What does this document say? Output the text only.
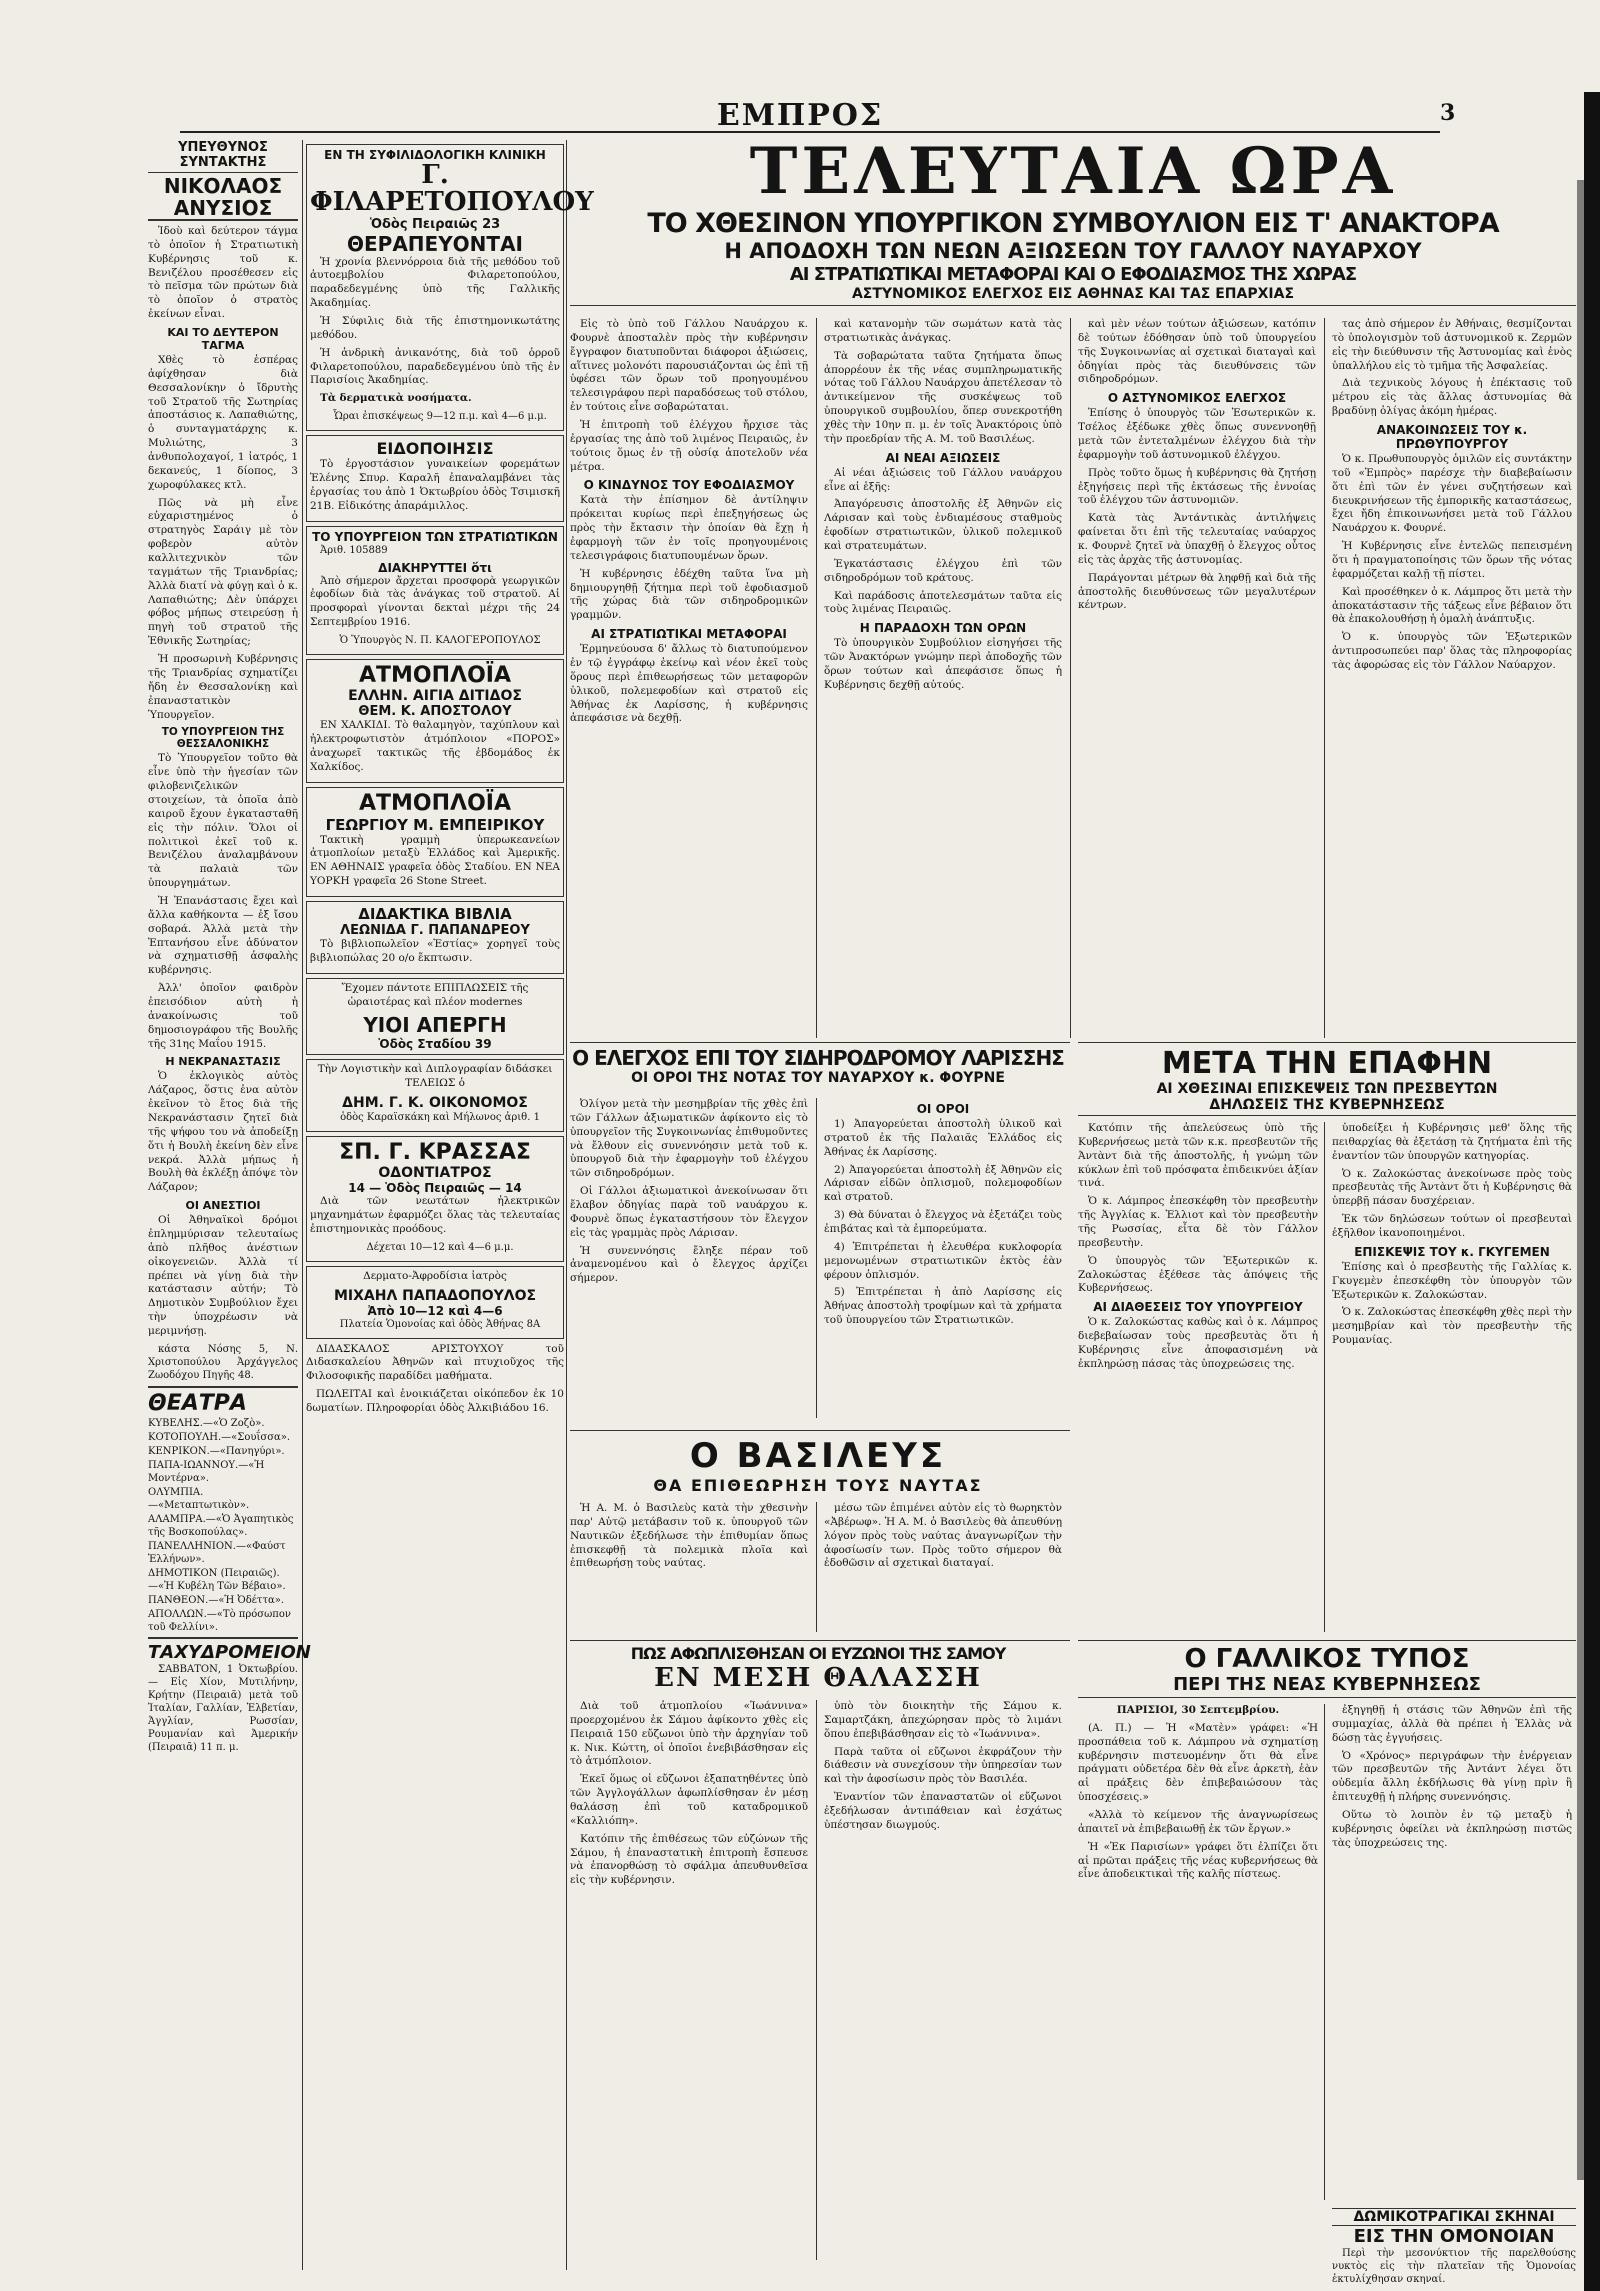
ΕΜΠΡΟΣ	3
ΥΠΕΥΘΥΝΟΣ ΣΥΝΤΑΚΤΗΣ
ΝΙΚΟΛΑΟΣ ΑΝΥΣΙΟΣ

Ἰδοὺ καὶ δεύτερον τάγμα τὸ ὁποῖον ἡ Στρατιωτικὴ Κυβέρνησις τοῦ κ. Βενιζέλου προσέθεσεν εἰς τὸ πεῖσμα τῶν πρώτων διὰ τὸ ὁποῖον ὁ στρατὸς ἐκείνων εἶναι.

ΚΑΙ ΤΟ ΔΕΥΤΕΡΟΝ ΤΑΓΜΑ

Χθὲς τὸ ἑσπέρας ἀφίχθησαν διὰ Θεσσαλονίκην ὁ ἴδρυτὴς τοῦ Στρατοῦ τῆς Σωτηρίας ἀποστάσιος κ. Λαπαθιώτης, ὁ συνταγματάρχης κ. Μυλιώτης, 3 ἀνθυπολοχαγοί, 1 ἰατρός, 1 δεκανεύς, 1 δίοπος, 3 χωροφύλακες κτλ.

Πῶς νὰ μὴ εἶνε εὐχαριστημένος ὁ στρατηγὸς Σαράιγ μὲ τὸν φοβερὸν αὐτὸν καλλιτεχνικὸν τῶν ταγμάτων τῆς Τριανδρίας; Ἀλλὰ διατί νὰ φύγῃ καὶ ὁ κ. Λαπαθιώτης; Δὲν ὑπάρχει φόβος μήπως στειρεύσῃ ἡ πηγὴ τοῦ στρατοῦ τῆς Ἐθνικῆς Σωτηρίας;

Ἡ προσωρινὴ Κυβέρνησις τῆς Τριανδρίας σχηματίζει ἤδη ἐν Θεσσαλονίκῃ καὶ ἐπαναστατικὸν Ὑπουργεῖον.

ΤΟ ΥΠΟΥΡΓΕΙΟΝ ΤΗΣ ΘΕΣΣΑΛΟΝΙΚΗΣ

Τὸ Ὑπουργεῖον τοῦτο θὰ εἶνε ὑπὸ τὴν ἡγεσίαν τῶν φιλοβενιζελικῶν στοιχείων, τὰ ὁποῖα ἀπὸ καιροῦ ἔχουν ἐγκατασταθῆ εἰς τὴν πόλιν. Ὅλοι οἱ πολιτικοὶ ἐκεῖ τοῦ κ. Βενιζέλου ἀναλαμβάνουν τὰ παλαιὰ τῶν ὑπουργημάτων.

Ἡ Ἐπανάστασις ἔχει καὶ ἄλλα καθήκοντα — ἐξ ἴσου σοβαρά. Ἀλλὰ μετὰ τὴν Ἑπτανήσου εἶνε ἀδύνατον νὰ σχηματισθῇ ἀσφαλὴς κυβέρνησις.

Ἀλλ' ὁποῖον φαιδρὸν ἐπεισόδιον αὐτὴ ἡ ἀνακοίνωσις τοῦ δημοσιογράφου τῆς Βουλῆς τῆς 31ης Μαΐου 1915.

Η ΝΕΚΡΑΝΑΣΤΑΣΙΣ

Ὁ ἐκλογικὸς αὐτὸς Λάζαρος, ὅστις ἐνα αὐτὸν ἐκεῖνον τὸ ἔτος διὰ τῆς Νεκρανάστασιν ζητεῖ διὰ τῆς ψήφου του νὰ ἀποδείξῃ ὅτι ἡ Βουλὴ ἐκείνη δὲν εἶνε νεκρά. Ἀλλὰ μήπως ἡ Βουλὴ θὰ ἐκλέξῃ ἀπόψε τὸν Λάζαρον;

ΟΙ ΑΝΕΣΤΙΟΙ

Οἱ Ἀθηναϊκοὶ δρόμοι ἐπλημμύρισαν τελευταίως ἀπὸ πλῆθος ἀνέστιων οἰκογενειῶν. Ἀλλὰ τί πρέπει νὰ γίνῃ διὰ τὴν κατάστασιν αὐτήν; Τὸ Δημοτικὸν Συμβούλιον ἔχει τὴν ὑποχρέωσιν νὰ μεριμνήσῃ.

κάστα Νόσης 5, Ν. Χριστοπούλου Ἀρχάγγελος Ζωοδόχου Πηγῆς 48.

ΘΕΑΤΡΑ
ΚΥΒΕΛΗΣ.—«Ὁ Ζοζὸ».
ΚΟΤΟΠΟΥΛΗ.—«Σουΐσσα».
ΚΕΝΡΙΚΟΝ.—«Πανηγύρι».
ΠΑΠΑ-ΙΩΑΝΝΟΥ.—«Ἡ Μοντέρνα».
ΟΛΥΜΠΙΑ.—«Μεταπτωτικὸν».
ΑΛΑΜΠΡΑ.—«Ὁ Ἀγαπητικὸς τῆς Βοσκοπούλας».
ΠΑΝΕΛΛΗΝΙΟΝ.—«Φαύστ Ἑλλήνων».
ΔΗΜΟΤΙΚΟΝ (Πειραιῶς).—«Ἡ Κυβέλη Τῶν Βέβαιο».
ΠΑΝΘΕΟΝ.—«Ἡ Ὀδέττα».
ΑΠΟΛΛΩΝ.—«Τὸ πρόσωπον τοῦ Φελλίνι».
ΤΑΧΥΔΡΟΜΕΙΟΝ

ΣΑΒΒΑΤΟΝ, 1 Ὀκτωβρίου.— Εἰς Χίον, Μυτιλήνην, Κρήτην (Πειραιᾶ) μετὰ τοῦ Ἰταλίαν, Γαλλίαν, Ἑλβετίαν, Ἀγγλίαν, Ρωσσίαν, Ρουμανίαν καὶ Ἀμερικήν (Πειραιᾶ) 11 π. μ.

ΕΝ ΤΗ ΣΥΦΙΛΙΔΟΛΟΓΙΚΗ ΚΛΙΝΙΚΗ
Γ. ΦΙΛΑΡΕΤΟΠΟΥΛΟΥ
Ὁδὸς Πειραιῶς 23
ΘΕΡΑΠΕΥΟΝΤΑΙ

Ἡ χρονία βλεννόρροια διὰ τῆς μεθόδου τοῦ ἀυτοεμβολίου Φιλαρετοπούλου, παραδεδεγμένης ὑπὸ τῆς Γαλλικῆς Ἀκαδημίας.

Ἡ Σύφιλις διὰ τῆς ἐπιστημονικωτάτης μεθόδου.

Ἡ ἀνδρικὴ ἀνικανότης, διὰ τοῦ ὀρροῦ Φιλαρετοπούλου, παραδεδεγμένου ὑπὸ τῆς ἐν Παρισίοις Ἀκαδημίας.

Τὰ δερματικὰ νοσήματα.

Ὧραι ἐπισκέψεως 9—12 π.μ. καὶ 4—6 μ.μ.

ΕΙΔΟΠΟΙΗΣΙΣ

Τὸ ἐργοστάσιον γυναικείων φορεμάτων Ἑλένης Σπυρ. Καραλῆ ἐπαναλαμβάνει τὰς ἐργασίας του ἀπὸ 1 Ὀκτωβρίου ὁδὸς Τσιμισκῆ 21Β. Εἰδικότης ἀπαράμιλλος.

ΤΟ ΥΠΟΥΡΓΕΙΟΝ ΤΩΝ ΣΤΡΑΤΙΩΤΙΚΩΝ

Ἀριθ. 105889

ΔΙΑΚΗΡΥΤΤΕΙ ὅτι

Ἀπὸ σήμερον ἄρχεται προσφορὰ γεωργικῶν ἐφοδίων διὰ τὰς ἀνάγκας τοῦ στρατοῦ. Αἱ προσφοραὶ γίνονται δεκταὶ μέχρι τῆς 24 Σεπτεμβρίου 1916.

Ὁ Ὑπουργὸς Ν. Π. ΚΑΛΟΓΕΡΟΠΟΥΛΟΣ

ΑΤΜΟΠΛΟΪΑ
ΕΛΛΗΝ. ΑΙΓΙΑ ΔΙΤΙΔΟΣ
ΘΕΜ. Κ. ΑΠΟΣΤΟΛΟΥ

ΕΝ ΧΑΛΚΙΔΙ. Τὸ θαλαμηγὸν, ταχύπλουν καὶ ἠλεκτροφωτιστὸν ἀτμόπλοιον «ΠΟΡΟΣ» ἀναχωρεῖ τακτικῶς τῆς ἑβδομάδος ἐκ Χαλκίδος.

ΑΤΜΟΠΛΟΪΑ
ΓΕΩΡΓΙΟΥ Μ. ΕΜΠΕΙΡΙΚΟΥ

Τακτικὴ γραμμὴ ὑπερωκεανείων ἀτμοπλοίων μεταξὺ Ἑλλάδος καὶ Ἀμερικῆς. ΕΝ ΑΘΗΝΑΙΣ γραφεῖα ὁδὸς Σταδίου. ΕΝ ΝΕΑ ΥΟΡΚΗ γραφεῖα 26 Stone Street.

ΔΙΔΑΚΤΙΚΑ ΒΙΒΛΙΑ
ΛΕΩΝΙΔΑ Γ. ΠΑΠΑΝΔΡΕΟΥ

Τὸ βιβλιοπωλεῖον «Ἑστίας» χορηγεῖ τοὺς βιβλιοπώλας 20 ο/ο ἔκπτωσιν.

Ἔχομεν πάντοτε ΕΠΙΠΛΩΣΕΙΣ τῆς ὡραιοτέρας καὶ πλέον modernes

ΥΙΟΙ ΑΠΕΡΓΗ
Ὁδὸς Σταδίου 39

Τὴν Λογιστικὴν καὶ Διπλογραφίαν διδάσκει ΤΕΛΕΙΩΣ ὁ

ΔΗΜ. Γ. Κ. ΟΙΚΟΝΟΜΟΣ

ὁδὸς Καραϊσκάκη καὶ Μήλωνος ἀριθ. 1

ΣΠ. Γ. ΚΡΑΣΣΑΣ
ΟΔΟΝΤΙΑΤΡΟΣ
14 — Ὁδὸς Πειραιῶς — 14

Διὰ τῶν νεωτάτων ἠλεκτρικῶν μηχανημάτων ἐφαρμόζει ὅλας τὰς τελευταίας ἐπιστημονικὰς προόδους.

Δέχεται 10—12 καὶ 4—6 μ.μ.

Δερματο-Ἀφροδίσια ἰατρὸς

ΜΙΧΑΗΛ ΠΑΠΑΔΟΠΟΥΛΟΣ
Ἀπὸ 10—12 καὶ 4—6

Πλατεία Ὁμονοίας καὶ ὁδὸς Ἀθήνας 8Α

ΔΙΔΑΣΚΑΛΟΣ ΑΡΙΣΤΟΥΧΟΥ τοῦ Διδασκαλείου Ἀθηνῶν καὶ πτυχιοῦχος τῆς Φιλοσοφικῆς παραδίδει μαθήματα.

ΠΩΛΕΙΤΑΙ καὶ ἐνοικιάζεται οἰκόπεδον ἐκ 10 δωματίων. Πληροφορίαι ὁδὸς Ἀλκιβιάδου 16.

ΤΕΛΕΥΤΑΙΑ ΩΡΑ
ΤΟ ΧΘΕΣΙΝΟΝ ΥΠΟΥΡΓΙΚΟΝ ΣΥΜΒΟΥΛΙΟΝ ΕΙΣ Τ' ΑΝΑΚΤΟΡΑ
Η ΑΠΟΔΟΧΗ ΤΩΝ ΝΕΩΝ ΑΞΙΩΣΕΩΝ ΤΟΥ ΓΑΛΛΟΥ ΝΑΥΑΡΧΟΥ
ΑΙ ΣΤΡΑΤΙΩΤΙΚΑΙ ΜΕΤΑΦΟΡΑΙ ΚΑΙ Ο ΕΦΟΔΙΑΣΜΟΣ ΤΗΣ ΧΩΡΑΣ
ΑΣΤΥΝΟΜΙΚΟΣ ΕΛΕΓΧΟΣ ΕΙΣ ΑΘΗΝΑΣ ΚΑΙ ΤΑΣ ΕΠΑΡΧΙΑΣ

Εἰς τὸ ὑπὸ τοῦ Γάλλου Ναυάρχου κ. Φουρνὲ ἀποσταλὲν πρὸς τὴν κυβέρνησιν ἔγγραφον διατυποῦνται διάφοροι ἀξιώσεις, αἵτινες μολονότι παρουσιάζονται ὡς ἐπὶ τῇ ὑφέσει τῶν ὅρων τοῦ προηγουμένου τελεσιγράφου περὶ παραδόσεως τοῦ στόλου, ἐν τούτοις εἶνε σοβαρώταται.

Ἡ ἐπιτροπὴ τοῦ ἐλέγχου ἤρχισε τὰς ἐργασίας της ἀπὸ τοῦ λιμένος Πειραιῶς, ἐν τούτοις ὅμως ἐν τῇ οὐσίᾳ ἀποτελοῦν νέα μέτρα.

Ο ΚΙΝΔΥΝΟΣ ΤΟΥ ΕΦΟΔΙΑΣΜΟΥ

Κατὰ τὴν ἐπίσημον δὲ ἀντίληψιν πρόκειται κυρίως περὶ ἐπεξηγήσεως ὡς πρὸς τὴν ἔκτασιν τὴν ὁποίαν θὰ ἔχῃ ἡ ἐφαρμογὴ τῶν ἐν τοῖς προηγουμένοις τελεσιγράφοις διατυπουμένων ὅρων.

Ἡ κυβέρνησις ἐδέχθη ταῦτα ἵνα μὴ δημιουργηθῇ ζήτημα περὶ τοῦ ἐφοδιασμοῦ τῆς χώρας διὰ τῶν σιδηροδρομικῶν γραμμῶν.

ΑΙ ΣΤΡΑΤΙΩΤΙΚΑΙ ΜΕΤΑΦΟΡΑΙ

Ἐρμηνεύουσα δ' ἄλλως τὸ διατυπούμενον ἐν τῷ ἐγγράφῳ ἐκείνῳ καὶ νέον ἐκεῖ τοὺς ὅρους περὶ ἐπιθεωρήσεως τῶν μεταφορῶν ὑλικοῦ, πολεμεφοδίων καὶ στρατοῦ εἰς Ἀθήνας ἐκ Λαρίσσης, ἡ κυβέρνησις ἀπεφάσισε νὰ δεχθῇ.

καὶ κατανομὴν τῶν σωμάτων κατὰ τὰς στρατιωτικὰς ἀνάγκας.

Τὰ σοβαρώτατα ταῦτα ζητήματα ὅπως ἀπορρέουν ἐκ τῆς νέας συμπληρωματικῆς νότας τοῦ Γάλλου Ναυάρχου ἀπετέλεσαν τὸ ἀντικείμενον τῆς συσκέψεως τοῦ ὑπουργικοῦ συμβουλίου, ὅπερ συνεκροτήθη χθὲς τὴν 10ην π. μ. ἐν τοῖς Ἀνακτόροις ὑπὸ τὴν προεδρίαν τῆς Α. Μ. τοῦ Βασιλέως.

ΑΙ ΝΕΑΙ ΑΞΙΩΣΕΙΣ

Αἱ νέαι ἀξιώσεις τοῦ Γάλλου ναυάρχου εἶνε αἱ ἑξῆς:

Ἀπαγόρευσις ἀποστολῆς ἐξ Ἀθηνῶν εἰς Λάρισαν καὶ τοὺς ἐνδιαμέσους σταθμοὺς ἐφοδίων στρατιωτικῶν, ὑλικοῦ πολεμικοῦ καὶ στρατευμάτων.

Ἐγκατάστασις ἐλέγχου ἐπὶ τῶν σιδηροδρόμων τοῦ κράτους.

Καὶ παράδοσις ἀποτελεσμάτων ταῦτα εἰς τοὺς λιμένας Πειραιῶς.

Η ΠΑΡΑΔΟΧΗ ΤΩΝ ΟΡΩΝ

Τὸ ὑπουργικὸν Συμβούλιον εἰσηγήσει τῆς τῶν Ἀνακτόρων γνώμην περὶ ἀποδοχῆς τῶν ὅρων τούτων καὶ ἀπεφάσισε ὅπως ἡ Κυβέρνησις δεχθῇ αὐτούς.

καὶ μὲν νέων τούτων ἀξιώσεων, κατόπιν δὲ τούτων ἐδόθησαν ὑπὸ τοῦ ὑπουργείου τῆς Συγκοινωνίας αἱ σχετικαὶ διαταγαὶ καὶ ὁδηγίαι πρὸς τὰς διευθύνσεις τῶν σιδηροδρόμων.

Ο ΑΣΤΥΝΟΜΙΚΟΣ ΕΛΕΓΧΟΣ

Ἐπίσης ὁ ὑπουργὸς τῶν Ἐσωτερικῶν κ. Τσέλος ἐξέδωκε χθὲς ὅπως συνεννοηθῇ μετὰ τῶν ἐντεταλμένων ἐλέγχου διὰ τὴν ἐφαρμογὴν τοῦ ἀστυνομικοῦ ἐλέγχου.

Πρὸς τοῦτο ὅμως ἡ κυβέρνησις θὰ ζητήσῃ ἐξηγήσεις περὶ τῆς ἐκτάσεως τῆς ἐννοίας τοῦ ἐλέγχου τῶν ἀστυνομιῶν.

Κατὰ τὰς Ἀντάντικὰς ἀντιλήψεις φαίνεται ὅτι ἐπὶ τῆς τελευταίας ναύαρχος κ. Φουρνὲ ζητεῖ νὰ ὑπαχθῇ ὁ ἔλεγχος οὗτος εἰς τὰς ἀρχὰς τῆς ἀστυνομίας.

Παράγονται μέτρων θὰ ληφθῇ καὶ διὰ τῆς ἀποστολῆς διευθύνσεως τῶν μεγαλυτέρων κέντρων.

τας ἀπὸ σήμερον ἐν Ἀθήναις, θεσμίζονται τὸ ὑπολογισμὸν τοῦ ἀστυνομικοῦ κ. Ζερμῶν εἰς τὴν διεύθυνσιν τῆς Ἀστυνομίας καὶ ἐνὸς ὑπαλλήλου εἰς τὸ τμῆμα τῆς Ἀσφαλείας.

Διὰ τεχνικοὺς λόγους ἡ ἐπέκτασις τοῦ μέτρου εἰς τὰς ἄλλας ἀστυνομίας θὰ βραδύνῃ ὀλίγας ἀκόμη ἡμέρας.

ΑΝΑΚΟΙΝΩΣΕΙΣ ΤΟΥ κ. ΠΡΩΘΥΠΟΥΡΓΟΥ

Ὁ κ. Πρωθυπουργὸς ὁμιλῶν εἰς συντάκτην τοῦ «Ἐμπρὸς» παρέσχε τὴν διαβεβαίωσιν ὅτι ἐπὶ τῶν ἐν γένει συζητήσεων καὶ διευκρινήσεων τῆς ἐμπορικῆς καταστάσεως, ἔχει ἤδη ἐπικοινωνήσει μετὰ τοῦ Γάλλου Ναυάρχου κ. Φουρνέ.

Ἡ Κυβέρνησις εἶνε ἐντελῶς πεπεισμένη ὅτι ἡ πραγματοποίησις τῶν ὅρων τῆς νότας ἐφαρμόζεται καλῇ τῇ πίστει.

Καὶ προσέθηκεν ὁ κ. Λάμπρος ὅτι μετὰ τὴν ἀποκατάστασιν τῆς τάξεως εἶνε βέβαιον ὅτι θὰ ἐπακολουθήσῃ ἡ ὁμαλὴ ἀνάπτυξις.

Ὁ κ. ὑπουργὸς τῶν Ἐξωτερικῶν ἀντιπροσωπεύει παρ' ὅλας τὰς πληροφορίας τὰς ἀφορώσας εἰς τὸν Γάλλον Ναύαρχον.

Ο ΕΛΕΓΧΟΣ ΕΠΙ ΤΟΥ ΣΙΔΗΡΟΔΡΟΜΟΥ ΛΑΡΙΣΣΗΣ
ΟΙ ΟΡΟΙ ΤΗΣ ΝΟΤΑΣ ΤΟΥ ΝΑΥΑΡΧΟΥ κ. ΦΟΥΡΝΕ

Ὀλίγον μετὰ τὴν μεσημβρίαν τῆς χθὲς ἐπὶ τῶν Γάλλων ἀξιωματικῶν ἀφίκοντο εἰς τὸ ὑπουργεῖον τῆς Συγκοινωνίας ἐπιθυμοῦντες νὰ ἔλθουν εἰς συνεννόησιν μετὰ τοῦ κ. ὑπουργοῦ διὰ τὴν ἐφαρμογὴν τοῦ ἐλέγχου τῶν σιδηροδρόμων.

Οἱ Γάλλοι ἀξιωματικοὶ ἀνεκοίνωσαν ὅτι ἔλαβον ὁδηγίας παρὰ τοῦ ναυάρχου κ. Φουρνὲ ὅπως ἐγκαταστήσουν τὸν ἔλεγχον εἰς τὰς γραμμὰς πρὸς Λάρισαν.

Ἡ συνεννόησις ἔληξε πέραν τοῦ ἀναμενομένου καὶ ὁ ἔλεγχος ἀρχίζει σήμερον.

ΟΙ ΟΡΟΙ

1) Ἀπαγορεύεται ἀποστολὴ ὑλικοῦ καὶ στρατοῦ ἐκ τῆς Παλαιᾶς Ἑλλάδος εἰς Ἀθήνας ἐκ Λαρίσσης.

2) Ἀπαγορεύεται ἀποστολὴ ἐξ Ἀθηνῶν εἰς Λάρισαν εἰδῶν ὁπλισμοῦ, πολεμοφοδίων καὶ στρατοῦ.

3) Θὰ δύναται ὁ ἔλεγχος νὰ ἐξετάζει τοὺς ἐπιβάτας καὶ τὰ ἐμπορεύματα.

4) Ἐπιτρέπεται ἡ ἐλευθέρα κυκλοφορία μεμονωμένων στρατιωτικῶν ἐκτὸς ἐὰν φέρουν ὁπλισμόν.

5) Ἐπιτρέπεται ἡ ἀπὸ Λαρίσσης εἰς Ἀθήνας ἀποστολὴ τροφίμων καὶ τὰ χρήματα τοῦ ὑπουργείου τῶν Στρατιωτικῶν.

ΜΕΤΑ ΤΗΝ ΕΠΑΦΗΝ
ΑΙ ΧΘΕΣΙΝΑΙ ΕΠΙΣΚΕΨΕΙΣ ΤΩΝ ΠΡΕΣΒΕΥΤΩΝ
ΔΗΛΩΣΕΙΣ ΤΗΣ ΚΥΒΕΡΝΗΣΕΩΣ

Κατόπιν τῆς ἀπελεύσεως ὑπὸ τῆς Κυβερνήσεως μετὰ τῶν κ.κ. πρεσβευτῶν τῆς Ἀντὰντ διὰ τῆς ἀποστολῆς, ἡ γνώμη τῶν κύκλων ἐπὶ τοῦ πρόσφατα ἐπιδεικνύει ἀξίαν τινά.

Ὁ κ. Λάμπρος ἐπεσκέφθη τὸν πρεσβευτὴν τῆς Ἀγγλίας κ. Ἐλλιοτ καὶ τὸν πρεσβευτὴν τῆς Ρωσσίας, εἶτα δὲ τὸν Γάλλον πρεσβευτὴν.

Ὁ ὑπουργὸς τῶν Ἐξωτερικῶν κ. Ζαλοκώστας ἐξέθεσε τὰς ἀπόψεις τῆς Κυβερνήσεως.

ΑΙ ΔΙΑΘΕΣΕΙΣ ΤΟΥ ΥΠΟΥΡΓΕΙΟΥ

Ὁ κ. Ζαλοκώστας καθὼς καὶ ὁ κ. Λάμπρος διεβεβαίωσαν τοὺς πρεσβευτὰς ὅτι ἡ Κυβέρνησις εἶνε ἀποφασισμένη νὰ ἐκπληρώσῃ πάσας τὰς ὑποχρεώσεις της.

ὑποδείξει ἡ Κυβέρνησις μεθ' ὅλης τῆς πειθαρχίας θὰ ἐξετάσῃ τὰ ζητήματα ἐπὶ τῆς ἐναντίον τῶν ὑπουργῶν κατηγορίας.

Ὁ κ. Ζαλοκώστας ἀνεκοίνωσε πρὸς τοὺς πρεσβευτὰς τῆς Ἀντὰντ ὅτι ἡ Κυβέρνησις θὰ ὑπερβῇ πάσαν δυσχέρειαν.

Ἐκ τῶν δηλώσεων τούτων οἱ πρεσβευταὶ ἐξῆλθον ἱκανοποιημένοι.

ΕΠΙΣΚΕΨΙΣ ΤΟΥ κ. ΓΚΥΓΕΜΕΝ

Ἐπίσης καὶ ὁ πρεσβευτὴς τῆς Γαλλίας κ. Γκυγεμὲν ἐπεσκέφθη τὸν ὑπουργὸν τῶν Ἐξωτερικῶν κ. Ζαλοκώσταν.

Ὁ κ. Ζαλοκώστας ἐπεσκέφθη χθὲς περὶ τὴν μεσημβρίαν καὶ τὸν πρεσβευτὴν τῆς Ρουμανίας.

Ο ΒΑΣΙΛΕΥΣ
ΘΑ ΕΠΙΘΕΩΡΗΣΗ ΤΟΥΣ ΝΑΥΤΑΣ

Ἡ Α. Μ. ὁ Βασιλεὺς κατὰ τὴν χθεσινὴν παρ' Αὐτῷ μετάβασιν τοῦ κ. ὑπουργοῦ τῶν Ναυτικῶν ἐξεδήλωσε τὴν ἐπιθυμίαν ὅπως ἐπισκεφθῇ τὰ πολεμικὰ πλοῖα καὶ ἐπιθεωρήσῃ τοὺς ναύτας.

μέσω τῶν ἐπιμένει αὐτὸν εἰς τὸ θωρηκτὸν «Ἀβέρωφ». Ἡ Α. Μ. ὁ Βασιλεὺς θὰ ἀπευθύνῃ λόγον πρὸς τοὺς ναύτας ἀναγνωρίζων τὴν ἀφοσίωσίν των. Πρὸς τοῦτο σήμερον θὰ ἐδοθῶσιν αἱ σχετικαὶ διαταγαί.

ΠΩΣ ΑΦΩΠΛΙΣΘΗΣΑΝ ΟΙ ΕΥΖΩΝΟΙ ΤΗΣ ΣΑΜΟΥ
ΕΝ ΜΕΣΗ ΘΑΛΑΣΣΗ

Διὰ τοῦ ἀτμοπλοίου «Ἰωάννινα» προερχομένου ἐκ Σάμου ἀφίκοντο χθὲς εἰς Πειραιᾶ 150 εὔζωνοι ὑπὸ τὴν ἀρχηγίαν τοῦ κ. Νικ. Κώττη, οἱ ὁποῖοι ἐνεβιβάσθησαν εἰς τὸ ἀτμόπλοιον.

Ἐκεῖ ὅμως οἱ εὔζωνοι ἐξαπατηθέντες ὑπὸ τῶν Ἀγγλογάλλων ἀφωπλίσθησαν ἐν μέσῃ θαλάσσῃ ἐπὶ τοῦ καταδρομικοῦ «Καλλιόπη».

Κατόπιν τῆς ἐπιθέσεως τῶν εὐζώνων τῆς Σάμου, ἡ ἐπαναστατικὴ ἐπιτροπὴ ἔσπευσε νὰ ἐπανορθώσῃ τὸ σφάλμα ἀπευθυνθεῖσα εἰς τὴν κυβέρνησιν.

ὑπὸ τὸν διοικητὴν τῆς Σάμου κ. Σαμαρτζάκη, ἀπεχώρησαν πρὸς τὸ λιμάνι ὅπου ἐπεβιβάσθησαν εἰς τὸ «Ἰωάννινα».

Παρὰ ταῦτα οἱ εὔζωνοι ἐκφράζουν τὴν διάθεσιν νὰ συνεχίσουν τὴν ὑπηρεσίαν των καὶ τὴν ἀφοσίωσιν πρὸς τὸν Βασιλέα.

Ἐναντίον τῶν ἐπαναστατῶν οἱ εὔζωνοι ἐξεδήλωσαν ἀντιπάθειαν καὶ ἐσχάτως ὑπέστησαν διωγμούς.

Ο ΓΑΛΛΙΚΟΣ ΤΥΠΟΣ
ΠΕΡΙ ΤΗΣ ΝΕΑΣ ΚΥΒΕΡΝΗΣΕΩΣ

ΠΑΡΙΣΙΟΙ, 30 Σεπτεμβρίου.

(Α. Π.) — Ἡ «Ματὲν» γράφει: «Ἡ προσπάθεια τοῦ κ. Λάμπρου νὰ σχηματίσῃ κυβέρνησιν πιστευομένην ὅτι θὰ εἶνε πράγματι οὐδετέρα δὲν θὰ εἶνε ἀρκετὴ, ἐὰν αἱ πράξεις δὲν ἐπιβεβαιώσουν τὰς ὑποσχέσεις.»

«Ἀλλὰ τὸ κείμενον τῆς ἀναγνωρίσεως ἀπαιτεῖ νὰ ἐπιβεβαιωθῇ ἐκ τῶν ἔργων.»

Ἡ «Ἐκ Παρισίων» γράφει ὅτι ἐλπίζει ὅτι αἱ πρῶται πράξεις τῆς νέας κυβερνήσεως θὰ εἶνε ἀποδεικτικαὶ τῆς καλῆς πίστεως.

ἐξηγηθῇ ἡ στάσις τῶν Ἀθηνῶν ἐπὶ τῆς συμμαχίας, ἀλλὰ θὰ πρέπει ἡ Ἑλλὰς νὰ δώσῃ τὰς ἐγγυήσεις.

Ὁ «Χρόνος» περιγράφων τὴν ἐνέργειαν τῶν πρεσβευτῶν τῆς Ἀντάντ λέγει ὅτι οὐδεμία ἄλλη ἐκδήλωσις θὰ γίνῃ πρὶν ἢ ἐπιτευχθῇ ἡ πλήρης συνεννόησις.

Οὕτω τὸ λοιπὸν ἐν τῷ μεταξὺ ἡ κυβέρνησις ὀφείλει νὰ ἐκπληρώσῃ πιστῶς τὰς ὑποχρεώσεις της.

ΔΩΜΙΚΟΤΡΑΓΙΚΑΙ ΣΚΗΝΑΙ
ΕΙΣ ΤΗΝ ΟΜΟΝΟΙΑΝ

Περὶ τὴν μεσονύκτιον τῆς παρελθούσης νυκτὸς εἰς τὴν πλατεῖαν τῆς Ὁμονοίας ἐκτυλίχθησαν σκηναί.
